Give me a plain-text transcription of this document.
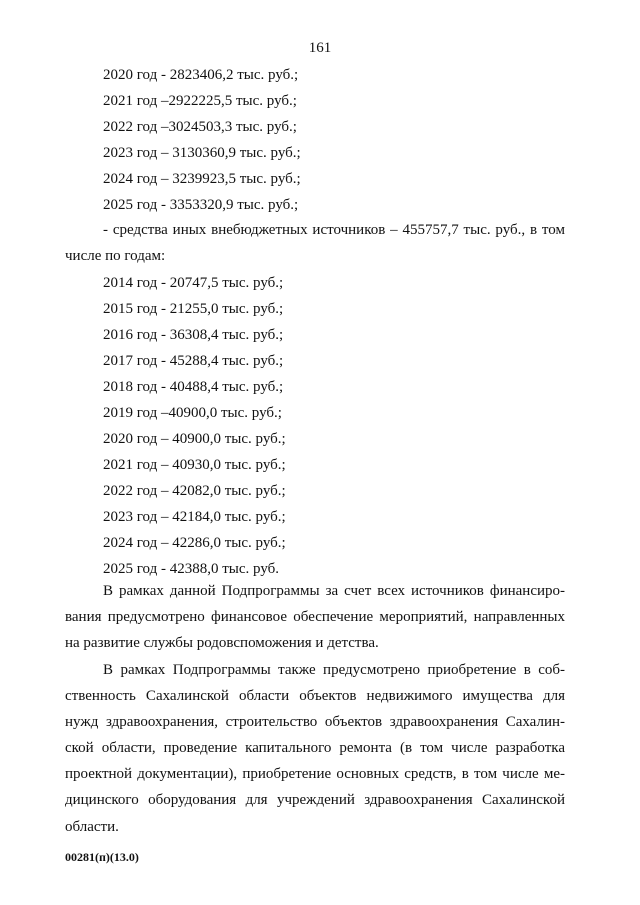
161
2020 год - 2823406,2 тыс. руб.;
2021 год –2922225,5 тыс. руб.;
2022 год –3024503,3 тыс. руб.;
2023 год – 3130360,9 тыс. руб.;
2024 год – 3239923,5 тыс. руб.;
2025 год - 3353320,9 тыс. руб.;
- средства иных внебюджетных источников – 455757,7 тыс. руб., в том
числе по годам:
2014 год - 20747,5 тыс. руб.;
2015 год - 21255,0 тыс. руб.;
2016 год - 36308,4 тыс. руб.;
2017 год - 45288,4 тыс. руб.;
2018 год - 40488,4 тыс. руб.;
2019 год –40900,0 тыс. руб.;
2020 год – 40900,0 тыс. руб.;
2021 год – 40930,0 тыс. руб.;
2022 год – 42082,0 тыс. руб.;
2023 год – 42184,0 тыс. руб.;
2024 год – 42286,0 тыс. руб.;
2025 год - 42388,0 тыс. руб.
В рамках данной Подпрограммы за счет всех источников финансиро-
вания предусмотрено финансовое обеспечение мероприятий, направленных
на развитие службы родовспоможения и детства.
В рамках Подпрограммы также предусмотрено приобретение в соб-
ственность Сахалинской области объектов недвижимого имущества для
нужд здравоохранения, строительство объектов здравоохранения Сахалин-
ской области, проведение капитального ремонта (в том числе разработка
проектной документации), приобретение основных средств, в том числе ме-
дицинского оборудования для учреждений здравоохранения Сахалинской
области.
00281(п)(13.0)
